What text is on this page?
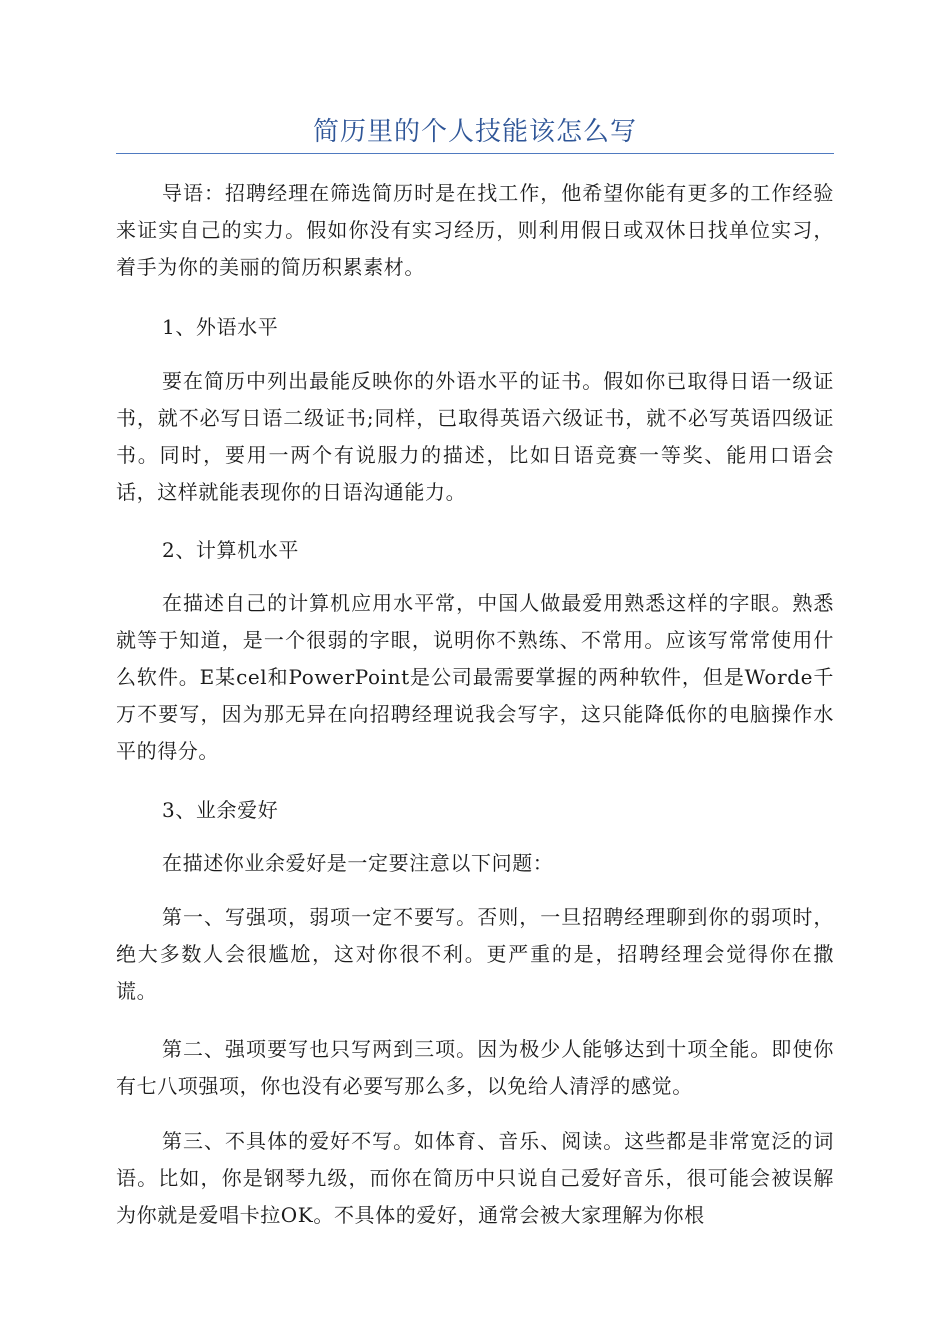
简历里的个人技能该怎么写

导语：招聘经理在筛选简历时是在找工作，他希望你能有更多的工作经验来证实自己的实力。假如你没有实习经历，则利用假日或双休日找单位实习，着手为你的美丽的简历积累素材。

1、外语水平

要在简历中列出最能反映你的外语水平的证书。假如你已取得日语一级证书，就不必写日语二级证书;同样，已取得英语六级证书，就不必写英语四级证书。同时，要用一两个有说服力的描述，比如日语竞赛一等奖、能用口语会话，这样就能表现你的日语沟通能力。

2、计算机水平

在描述自己的计算机应用水平常，中国人做最爱用熟悉这样的字眼。熟悉就等于知道，是一个很弱的字眼，说明你不熟练、不常用。应该写常常使用什么软件。E某cel和PowerPoint是公司最需要掌握的两种软件，但是Worde千万不要写，因为那无异在向招聘经理说我会写字，这只能降低你的电脑操作水平的得分。

3、业余爱好

在描述你业余爱好是一定要注意以下问题：

第一、写强项，弱项一定不要写。否则，一旦招聘经理聊到你的弱项时，绝大多数人会很尴尬，这对你很不利。更严重的是，招聘经理会觉得你在撒谎。

第二、强项要写也只写两到三项。因为极少人能够达到十项全能。即使你有七八项强项，你也没有必要写那么多，以免给人清浮的感觉。

第三、不具体的爱好不写。如体育、音乐、阅读。这些都是非常宽泛的词语。比如，你是钢琴九级，而你在简历中只说自己爱好音乐，很可能会被误解为你就是爱唱卡拉OK。不具体的爱好，通常会被大家理解为你根
